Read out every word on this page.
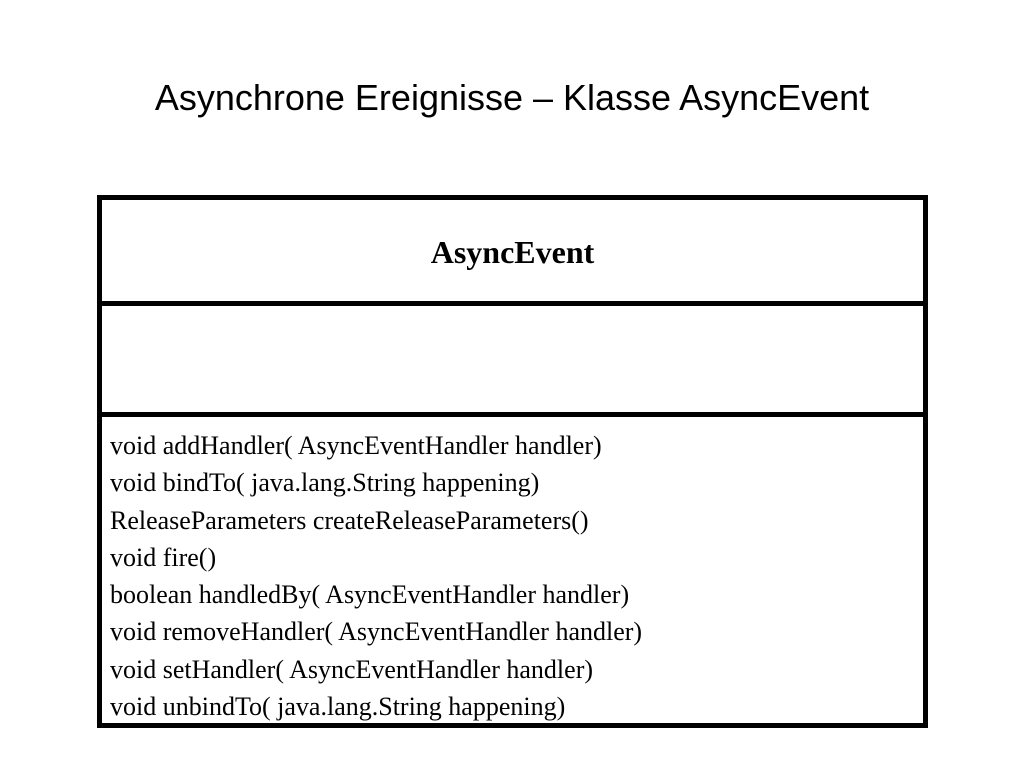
Asynchrone Ereignisse – Klasse AsyncEvent
AsyncEvent
void addHandler( AsyncEventHandler handler)
void bindTo( java.lang.String happening)
ReleaseParameters createReleaseParameters()
void fire()
boolean handledBy( AsyncEventHandler handler)
void removeHandler( AsyncEventHandler handler)
void setHandler( AsyncEventHandler handler)
void unbindTo( java.lang.String happening)
